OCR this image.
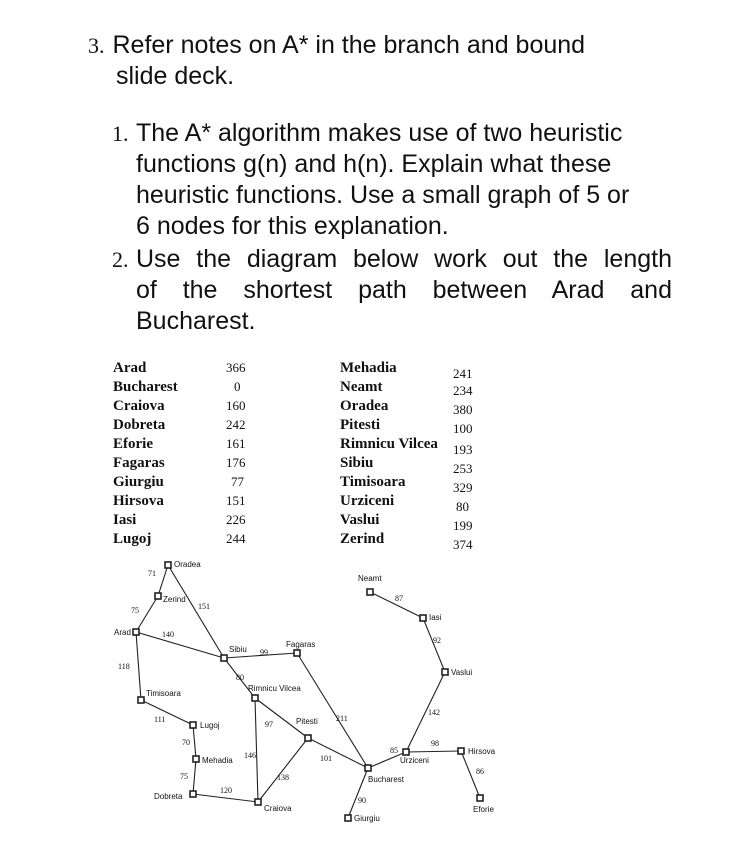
3. Refer notes on A* in the branch and bound
slide deck.
1. The A* algorithm makes use of two heuristic
functions g(n) and h(n). Explain what these
heuristic functions. Use a small graph of 5 or
6 nodes for this explanation.
2. Use the diagram below work out the length
of the shortest path between Arad and
Bucharest.
Arad	366
Bucharest	0
Craiova	160
Dobreta	242
Eforie	161
Fagaras	176
Giurgiu	77
Hirsova	151
Iasi	226
Lugoj	244
Mehadia	241
Neamt	234
Oradea	380
Pitesti	100
Rimnicu Vilcea 193
Sibiu	253
Timisoara	329
Urziceni	80
Vaslui	199
Zerind	374
71
75	151
140
118
111
70
75
120
99
80
97
146
138
211
101
90
85
98
86
142
92
87
Oradea
Zerind
Arad
Timisoara
Lugoj
Mehadia
Dobreta
Sibiu
Fagaras
Rimnicu Vilcea
Pitesti
Craiova
Bucharest
Giurgiu
Urziceni
Hirsova
Eforie
Vaslui
Iasi
Neamt
